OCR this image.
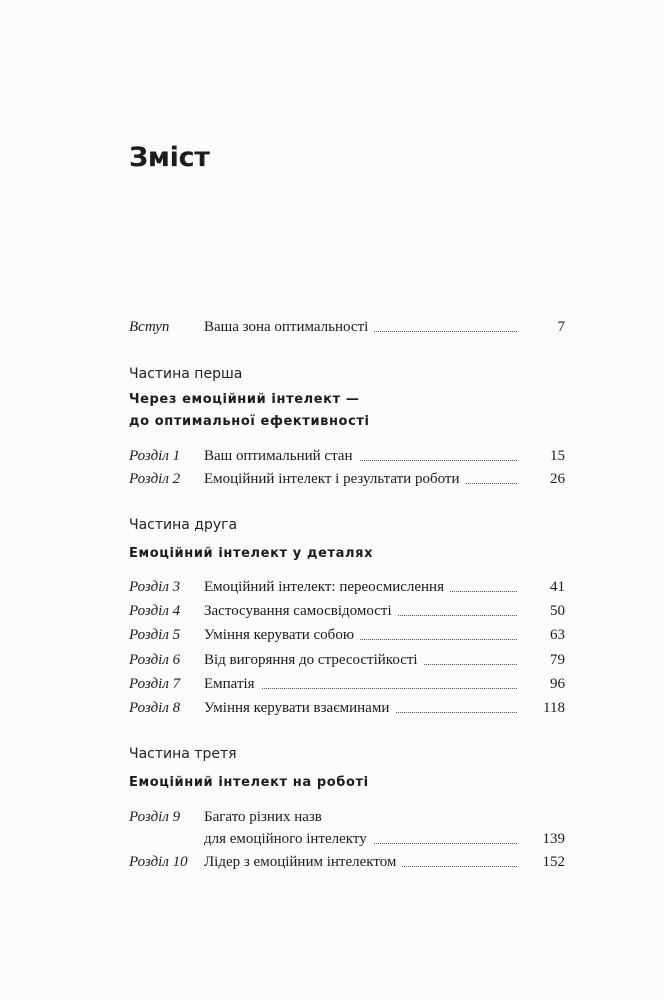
Зміст
Вступ Ваша зона оптимальності	7
Частина перша
Через емоційний інтелект —
до оптимальної ефективності
Розділ 1 Ваш оптимальний стан	15
Розділ 2 Емоційний інтелект і результати роботи	26
Частина друга
Емоційний інтелект у деталях
Розділ 3 Емоційний інтелект: переосмислення	41
Розділ 4 Застосування самосвідомості	50
Розділ 5 Уміння керувати собою	63
Розділ 6 Від вигоряння до стресостійкості	79
Розділ 7 Емпатія	96
Розділ 8 Уміння керувати взаєминами	118
Частина третя
Емоційний інтелект на роботі
Розділ 9 Багато різних назв
для емоційного інтелекту	139
Розділ 10 Лідер з емоційним інтелектом	152
